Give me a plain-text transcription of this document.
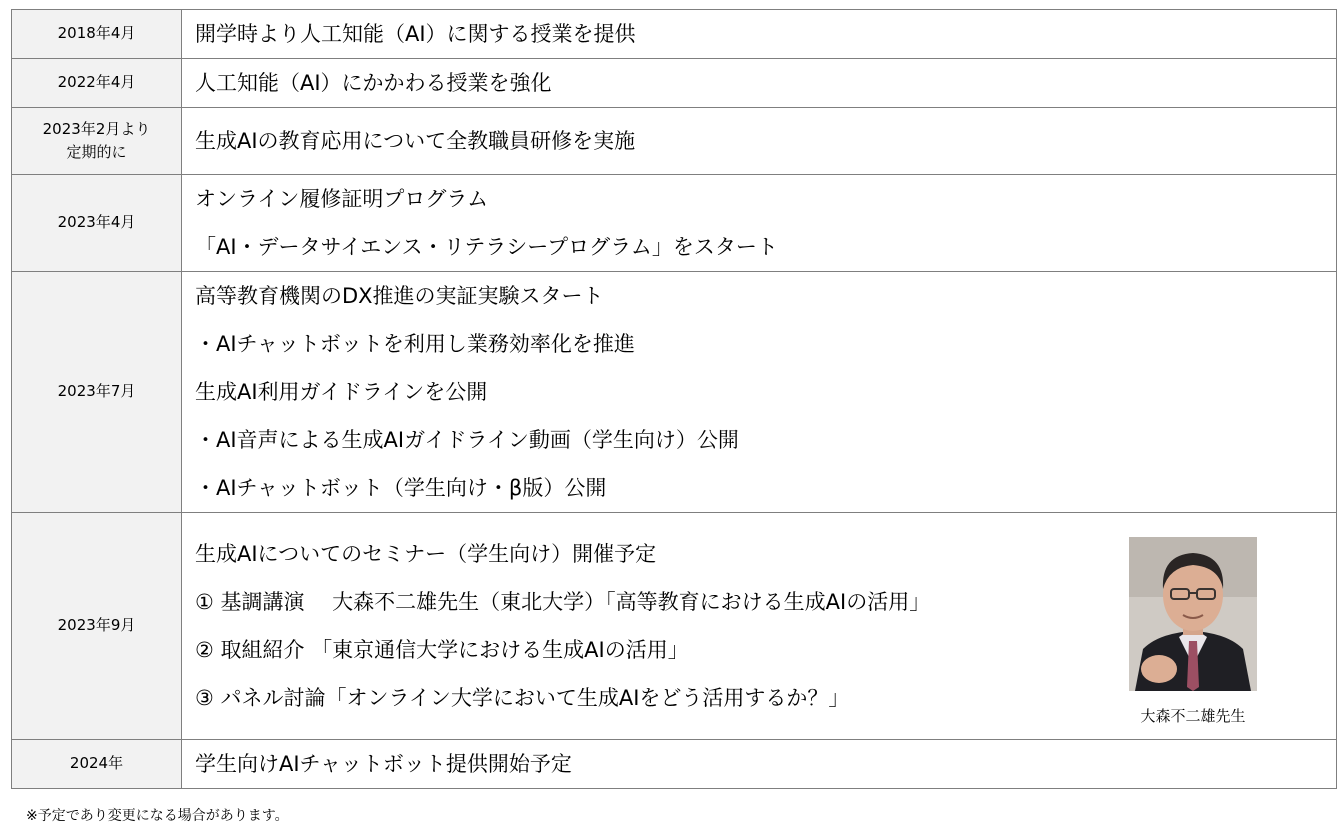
2018年4月	開学時より人工知能（AI）に関する授業を提供

2022年4月	人工知能（AI）にかかわる授業を強化

2023年2月より
定期的に	生成AIの教育応用について全教職員研修を実施

2023年4月	オンライン履修証明プログラム
「AI・データサイエンス・リテラシープログラム」をスタート

2023年7月	高等教育機関のDX推進の実証実験スタート
・AIチャットボットを利用し業務効率化を推進
生成AI利用ガイドラインを公開
・AI音声による生成AIガイドライン動画（学生向け）公開
・AIチャットボット（学生向け・β版）公開

2023年9月	生成AIについてのセミナー（学生向け）開催予定
① 基調講演　 大森不二雄先生（東北大学）「高等教育における生成AIの活用」
② 取組紹介 「東京通信大学における生成AIの活用」
③ パネル討論「オンライン大学において生成AIをどう活用するか？」
大森不二雄先生

2024年	学生向けAIチャットボット提供開始予定
※予定であり変更になる場合があります。
